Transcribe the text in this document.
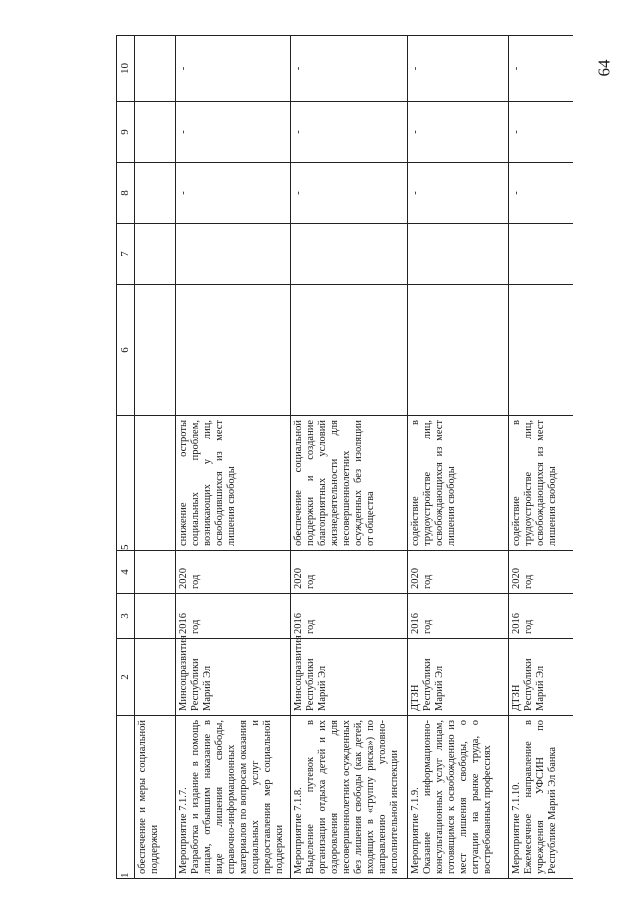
64
1	2	3	4	5	6	7	8	9	10
обеспечение и меры социальной поддержки									

Мероприятие 7.1.7. Разработка и издание в помощь лицам, отбывшим наказание в виде лишения свободы, справочно-информационных материалов по вопросам оказания социальных услуг и предоставления мер социальной поддержки	Минсоцразвития Республики Марий Эл	2016 год	2020 год	снижение остроты социальных проблем, возникающих у лиц, освободившихся из мест лишения свободы			-	-	-

Мероприятие 7.1.8. Выделение путевок в организации отдыха детей и их оздоровления для несовершеннолетних осужденных без лишения свободы (как детей, входящих в «группу риска») по направлению уголовно-исполнительной инспекции	Минсоцразвития Республики Марий Эл	2016 год	2020 год	обеспечение социальной поддержки и создание благоприятных условий жизнедеятельности для несовершеннолетних осужденных без изоляции от общества			-	-	-

Мероприятие 7.1.9. Оказание информационно-консультационных услуг лицам, готовящимся к освобождению из мест лишения свободы, о ситуации на рынке труда, о востребованных профессиях	ДТЗН Республики Марий Эл	2016 год	2020 год	содействие в трудоустройстве лиц, освобождающихся из мест лишения свободы			-	-	-

Мероприятие 7.1.10. Ежемесячное направление в учреждения УФСИН по Республике Марий Эл банка	ДТЗН Республики Марий Эл	2016 год	2020 год	содействие в трудоустройстве лиц, освобождающихся из мест лишения свободы			-	-	-
